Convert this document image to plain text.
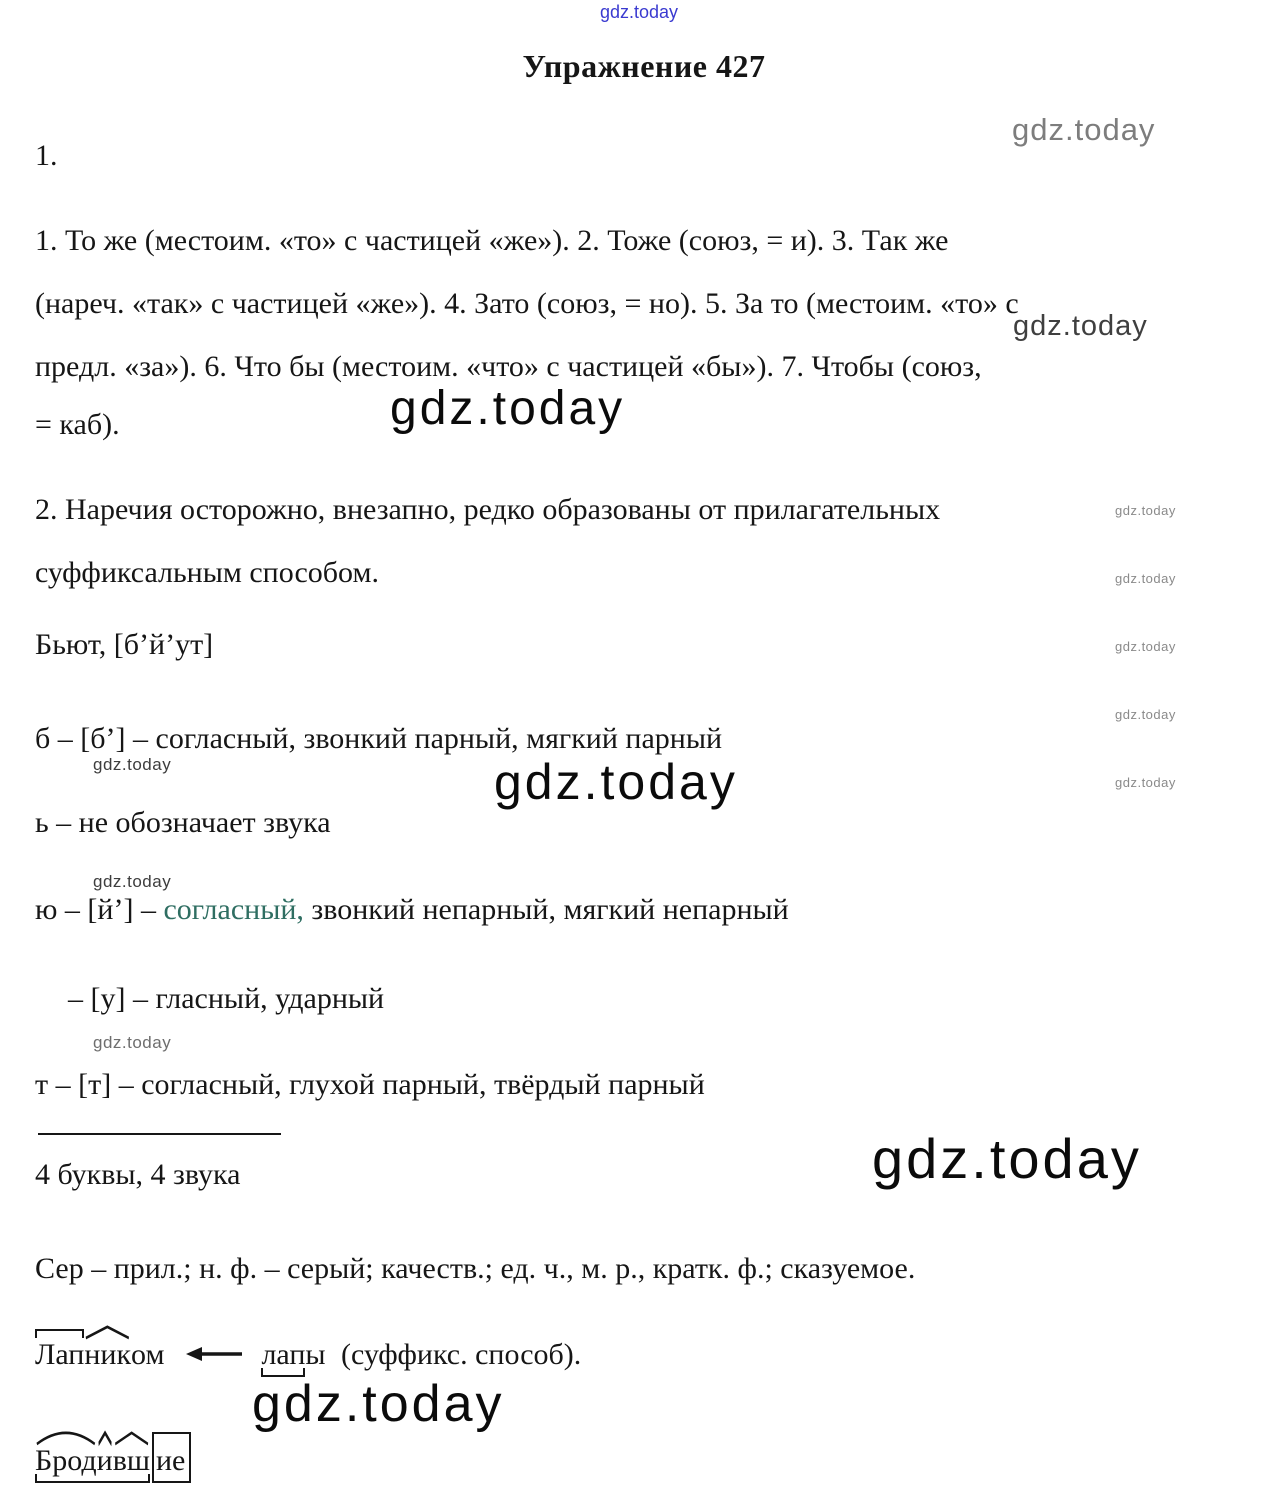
gdz.today
gdz.today
gdz.today
gdz.today
gdz.today
gdz.today
gdz.today
gdz.today
gdz.today
gdz.today
gdz.today
gdz.today
gdz.today
gdz.today
gdz.today
Упражнение 427
1.
1. То же (местоим. «то» с частицей «же»). 2. Тоже (союз, = и). 3. Так же
(нареч. «так» с частицей «же»). 4. Зато (союз, = но). 5. За то (местоим. «то» с
предл. «за»). 6. Что бы (местоим. «что» с частицей «бы»). 7. Чтобы (союз,
= каб).
2. Наречия осторожно, внезапно, редко образованы от прилагательных
суффиксальным способом.
Бьют, [б’й’ут]
б – [б’] – согласный, звонкий парный, мягкий парный
ь – не обозначает звука
ю – [й’] – согласный, звонкий непарный, мягкий непарный
– [у] – гласный, ударный
т – [т] – согласный, глухой парный, твёрдый парный
4 буквы, 4 звука
Сер – прил.; н. ф. – серый; качеств.; ед. ч., м. р., кратк. ф.; сказуемое.
Лап
ником	лапы (суффикс. способ).
Брод
и
вш ие
